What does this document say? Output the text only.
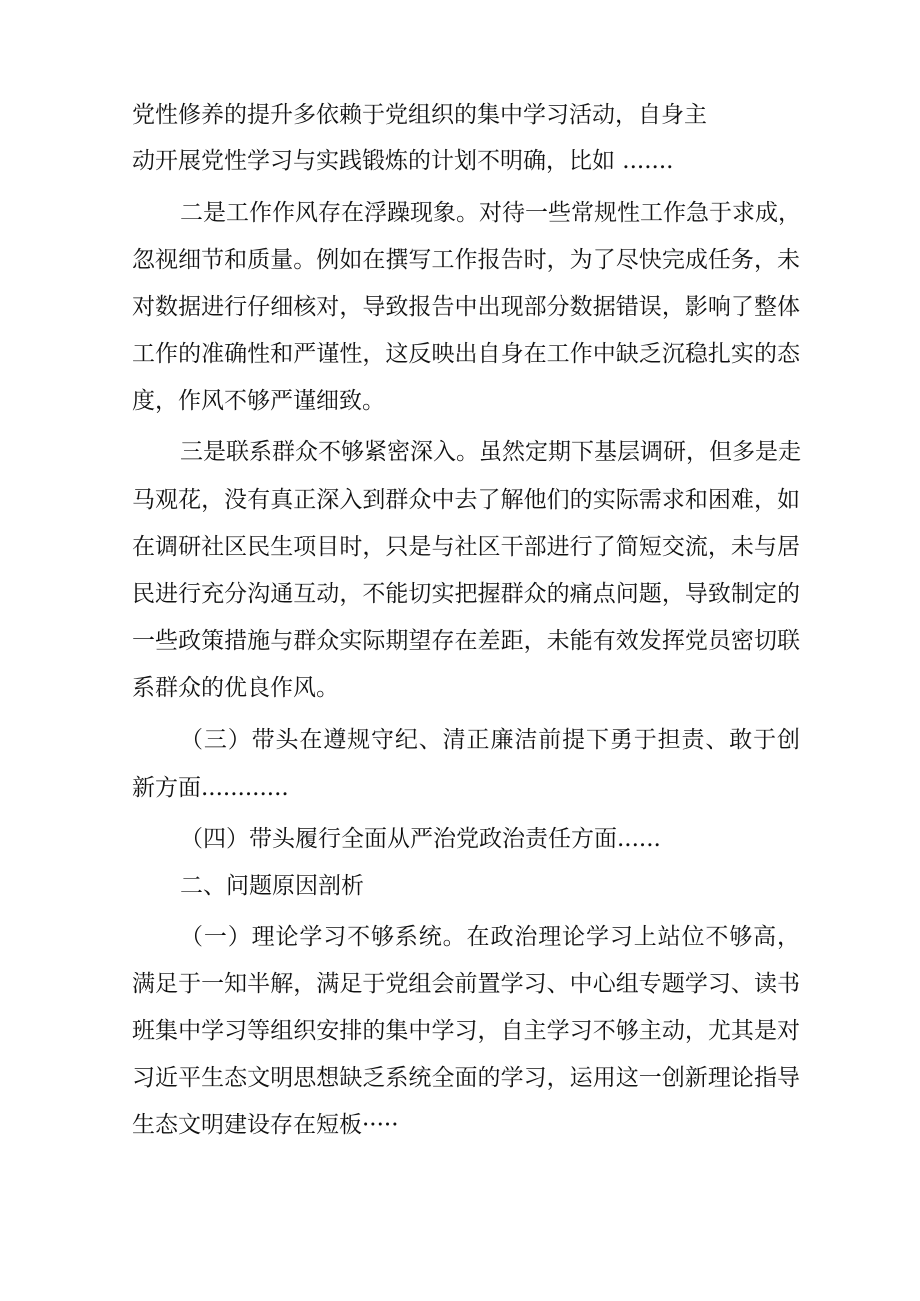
党性修养的提升多依赖于党组织的集中学习活动，自身主
动开展党性学习与实践锻炼的计划不明确，比如 .......
二是工作作风存在浮躁现象。对待一些常规性工作急于求成，
忽视细节和质量。例如在撰写工作报告时，为了尽快完成任务，未
对数据进行仔细核对，导致报告中出现部分数据错误，影响了整体
工作的准确性和严谨性，这反映出自身在工作中缺乏沉稳扎实的态
度，作风不够严谨细致。
三是联系群众不够紧密深入。虽然定期下基层调研，但多是走
马观花，没有真正深入到群众中去了解他们的实际需求和困难，如
在调研社区民生项目时，只是与社区干部进行了简短交流，未与居
民进行充分沟通互动，不能切实把握群众的痛点问题，导致制定的
一些政策措施与群众实际期望存在差距，未能有效发挥党员密切联
系群众的优良作风。
（三）带头在遵规守纪、清正廉洁前提下勇于担责、敢于创
新方面............
（四）带头履行全面从严治党政治责任方面......
二、问题原因剖析
（一）理论学习不够系统。在政治理论学习上站位不够高，
满足于一知半解，满足于党组会前置学习、中心组专题学习、读书
班集中学习等组织安排的集中学习，自主学习不够主动，尤其是对
习近平生态文明思想缺乏系统全面的学习，运用这一创新理论指导
生态文明建设存在短板·····
